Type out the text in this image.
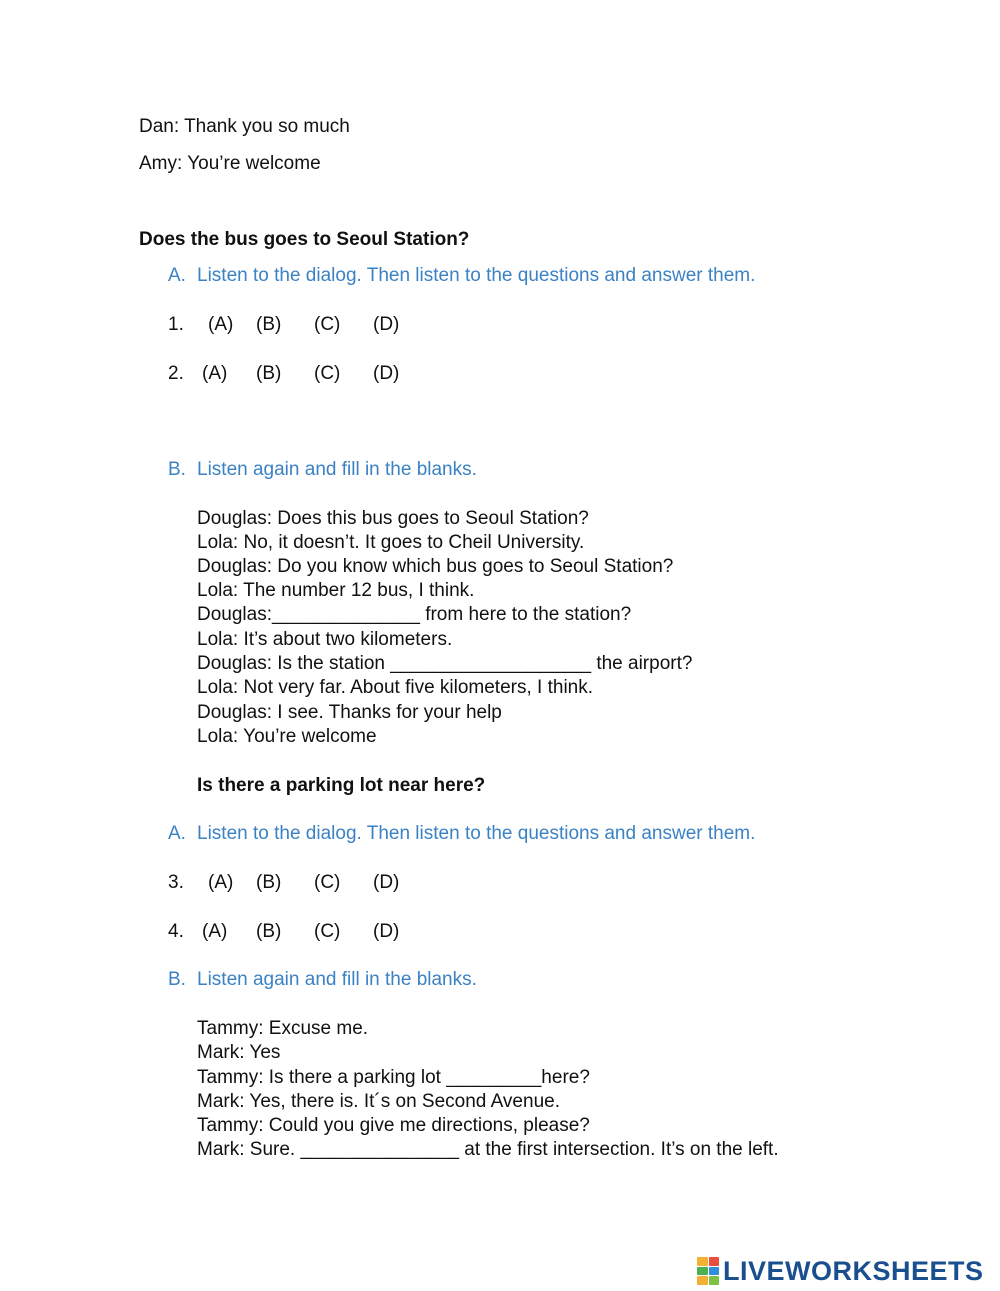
Dan: Thank you so much
Amy: You’re welcome
Does the bus goes to Seoul Station?
A. Listen to the dialog. Then listen to the questions and answer them.
1. (A) (B) (C) (D)
2. (A) (B) (C) (D)
B. Listen again and fill in the blanks.
Douglas: Does this bus goes to Seoul Station?
Lola: No, it doesn’t. It goes to Cheil University.
Douglas: Do you know which bus goes to Seoul Station?
Lola: The number 12 bus, I think.
Douglas:______________ from here to the station?
Lola: It’s about two kilometers.
Douglas: Is the station ___________________ the airport?
Lola: Not very far. About five kilometers, I think.
Douglas: I see. Thanks for your help
Lola: You’re welcome
Is there a parking lot near here?
A. Listen to the dialog. Then listen to the questions and answer them.
3. (A) (B) (C) (D)
4. (A) (B) (C) (D)
B. Listen again and fill in the blanks.
Tammy: Excuse me.
Mark: Yes
Tammy: Is there a parking lot _________here?
Mark: Yes, there is. It´s on Second Avenue.
Tammy: Could you give me directions, please?
Mark: Sure. _______________ at the first intersection. It’s on the left.
LIVEWORKSHEETS
